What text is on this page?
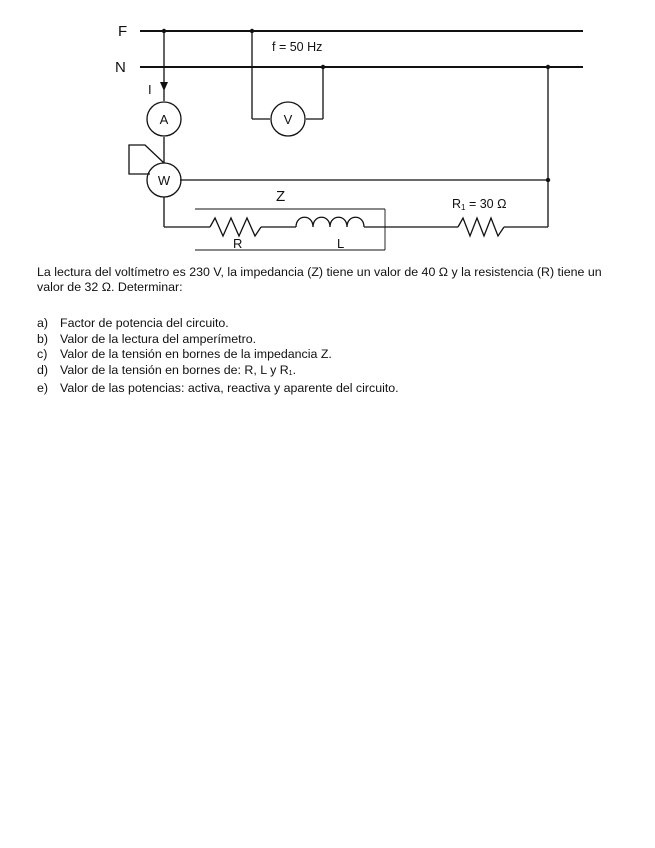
F
N
f = 50 Hz
I
A	V
W
Z
R	L
R1 = 30 Ω

La lectura del voltímetro es 230 V, la impedancia (Z) tiene un valor de 40 Ω y la resistencia (R) tiene un valor de 32 Ω. Determinar:

a) Factor de potencia del circuito.
b) Valor de la lectura del amperímetro.
c)	Valor de la tensión en bornes de la impedancia Z.
d) Valor de la tensión en bornes de: R, L y R1.
e) Valor de las potencias: activa, reactiva y aparente del circuito.
